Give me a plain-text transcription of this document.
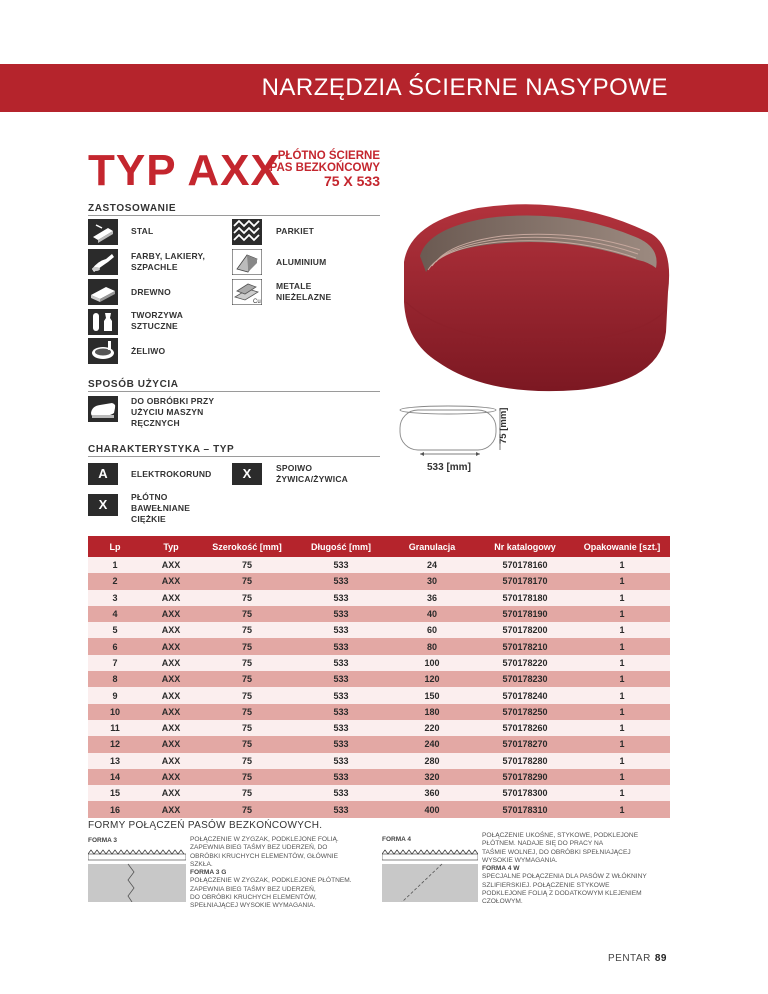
NARZĘDZIA ŚCIERNE NASYPOWE
TYP AXX
PŁÓTNO ŚCIERNE
PAS BEZKOŃCOWY
75 X 533
ZASTOSOWANIE
STAL	PARKIET
FARBY, LAKIERY,
SZPACHLE	ALUMINIUM
DREWNO
Cu
METALE
NIEŻELAZNE
TWORZYWA
SZTUCZNE
ŻELIWO
SPOSÓB UŻYCIA
DO OBRÓBKI PRZY
UŻYCIU MASZYN
RĘCZNYCH
CHARAKTERYSTYKA – TYP
A	ELEKTROKORUND	X	SPOIWO
ŻYWICA/ŻYWICA
X	PŁÓTNO
BAWEŁNIANE
CIĘŻKIE
75 [mm]
533 [mm]
Lp	Typ	Szerokość [mm]	Długość [mm]	Granulacja	Nr katalogowy	Opakowanie [szt.]
1	AXX	75	533	24	570178160	1
2	AXX	75	533	30	570178170	1
3	AXX	75	533	36	570178180	1
4	AXX	75	533	40	570178190	1
5	AXX	75	533	60	570178200	1
6	AXX	75	533	80	570178210	1
7	AXX	75	533	100	570178220	1
8	AXX	75	533	120	570178230	1
9	AXX	75	533	150	570178240	1
10	AXX	75	533	180	570178250	1
11	AXX	75	533	220	570178260	1
12	AXX	75	533	240	570178270	1
13	AXX	75	533	280	570178280	1
14	AXX	75	533	320	570178290	1
15	AXX	75	533	360	570178300	1
16	AXX	75	533	400	570178310	1
FORMY POŁĄCZEŃ PASÓW BEZKOŃCOWYCH.
FORMA 3	POŁĄCZENIE W ZYGZAK, PODKLEJONE FOLIĄ.
ZAPEWNIA BIEG TAŚMY BEZ UDERZEŃ, DO
OBRÓBKI KRUCHYCH ELEMENTÓW, GŁÓWNIE
SZKŁA.
FORMA 3 G
POŁĄCZENIE W ZYGZAK, PODKLEJONE PŁÓTNEM.
ZAPEWNIA BIEG TAŚMY BEZ UDERZEŃ,
DO OBRÓBKI KRUCHYCH ELEMENTÓW,
SPEŁNIAJĄCEJ WYSOKIE WYMAGANIA.
FORMA 4
POŁĄCZENIE UKOŚNE, STYKOWE, PODKLEJONE
PŁÓTNEM. NADAJE SIĘ DO PRACY NA
TAŚMIE WOLNEJ, DO OBRÓBKI SPEŁNIAJĄCEJ
WYSOKIE WYMAGANIA.
FORMA 4 W
SPECJALNE POŁĄCZENIA DLA PASÓW Z WŁÓKNINY
SZLIFIERSKIEJ. POŁĄCZENIE STYKOWE
PODKLEJONE FOLIĄ Z DODATKOWYM KLEJENIEM
CZOŁOWYM.
PENTAR 89
